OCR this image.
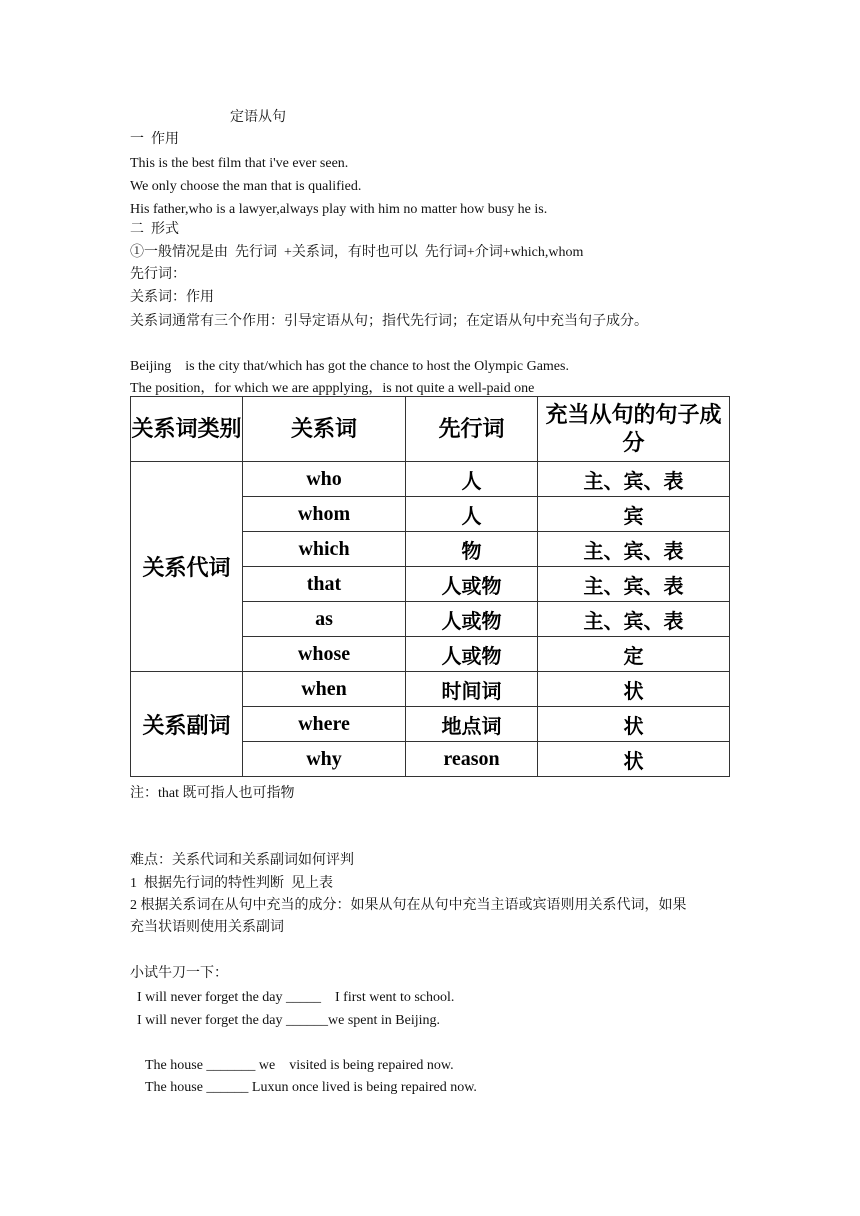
定语从句
一  作用
This is the best film that i've ever seen.
We only choose the man that is qualified.
His father,who is a lawyer,always play with him no matter how busy he is.
二  形式
①一般情况是由  先行词  +关系词，有时也可以  先行词+介词+which,whom
先行词：
关系词：作用
关系词通常有三个作用：引导定语从句；指代先行词；在定语从句中充当句子成分。
Beijing    is the city that/which has got the chance to host the Olympic Games.
The position，for which we are appplying，is not quite a well‐paid one
关系词类别	关系词	先行词	充当从句的句子成分
关系代词	who	人	主、宾、表
	whom	人	宾
	which	物	主、宾、表
	that	人或物	主、宾、表
	as	人或物	主、宾、表
	whose	人或物	定
关系副词	when	时间词	状
	where	地点词	状
	why	reason	状
注：that 既可指人也可指物
难点：关系代词和关系副词如何评判
1  根据先行词的特性判断  见上表
2 根据关系词在从句中充当的成分：如果从句在从句中充当主语或宾语则用关系代词，如果
充当状语则使用关系副词
小试牛刀一下：
I will never forget the day _____    I first went to school.
I will never forget the day ______we spent in Beijing.
The house _______ we    visited is being repaired now.
The house ______ Luxun once lived is being repaired now.
